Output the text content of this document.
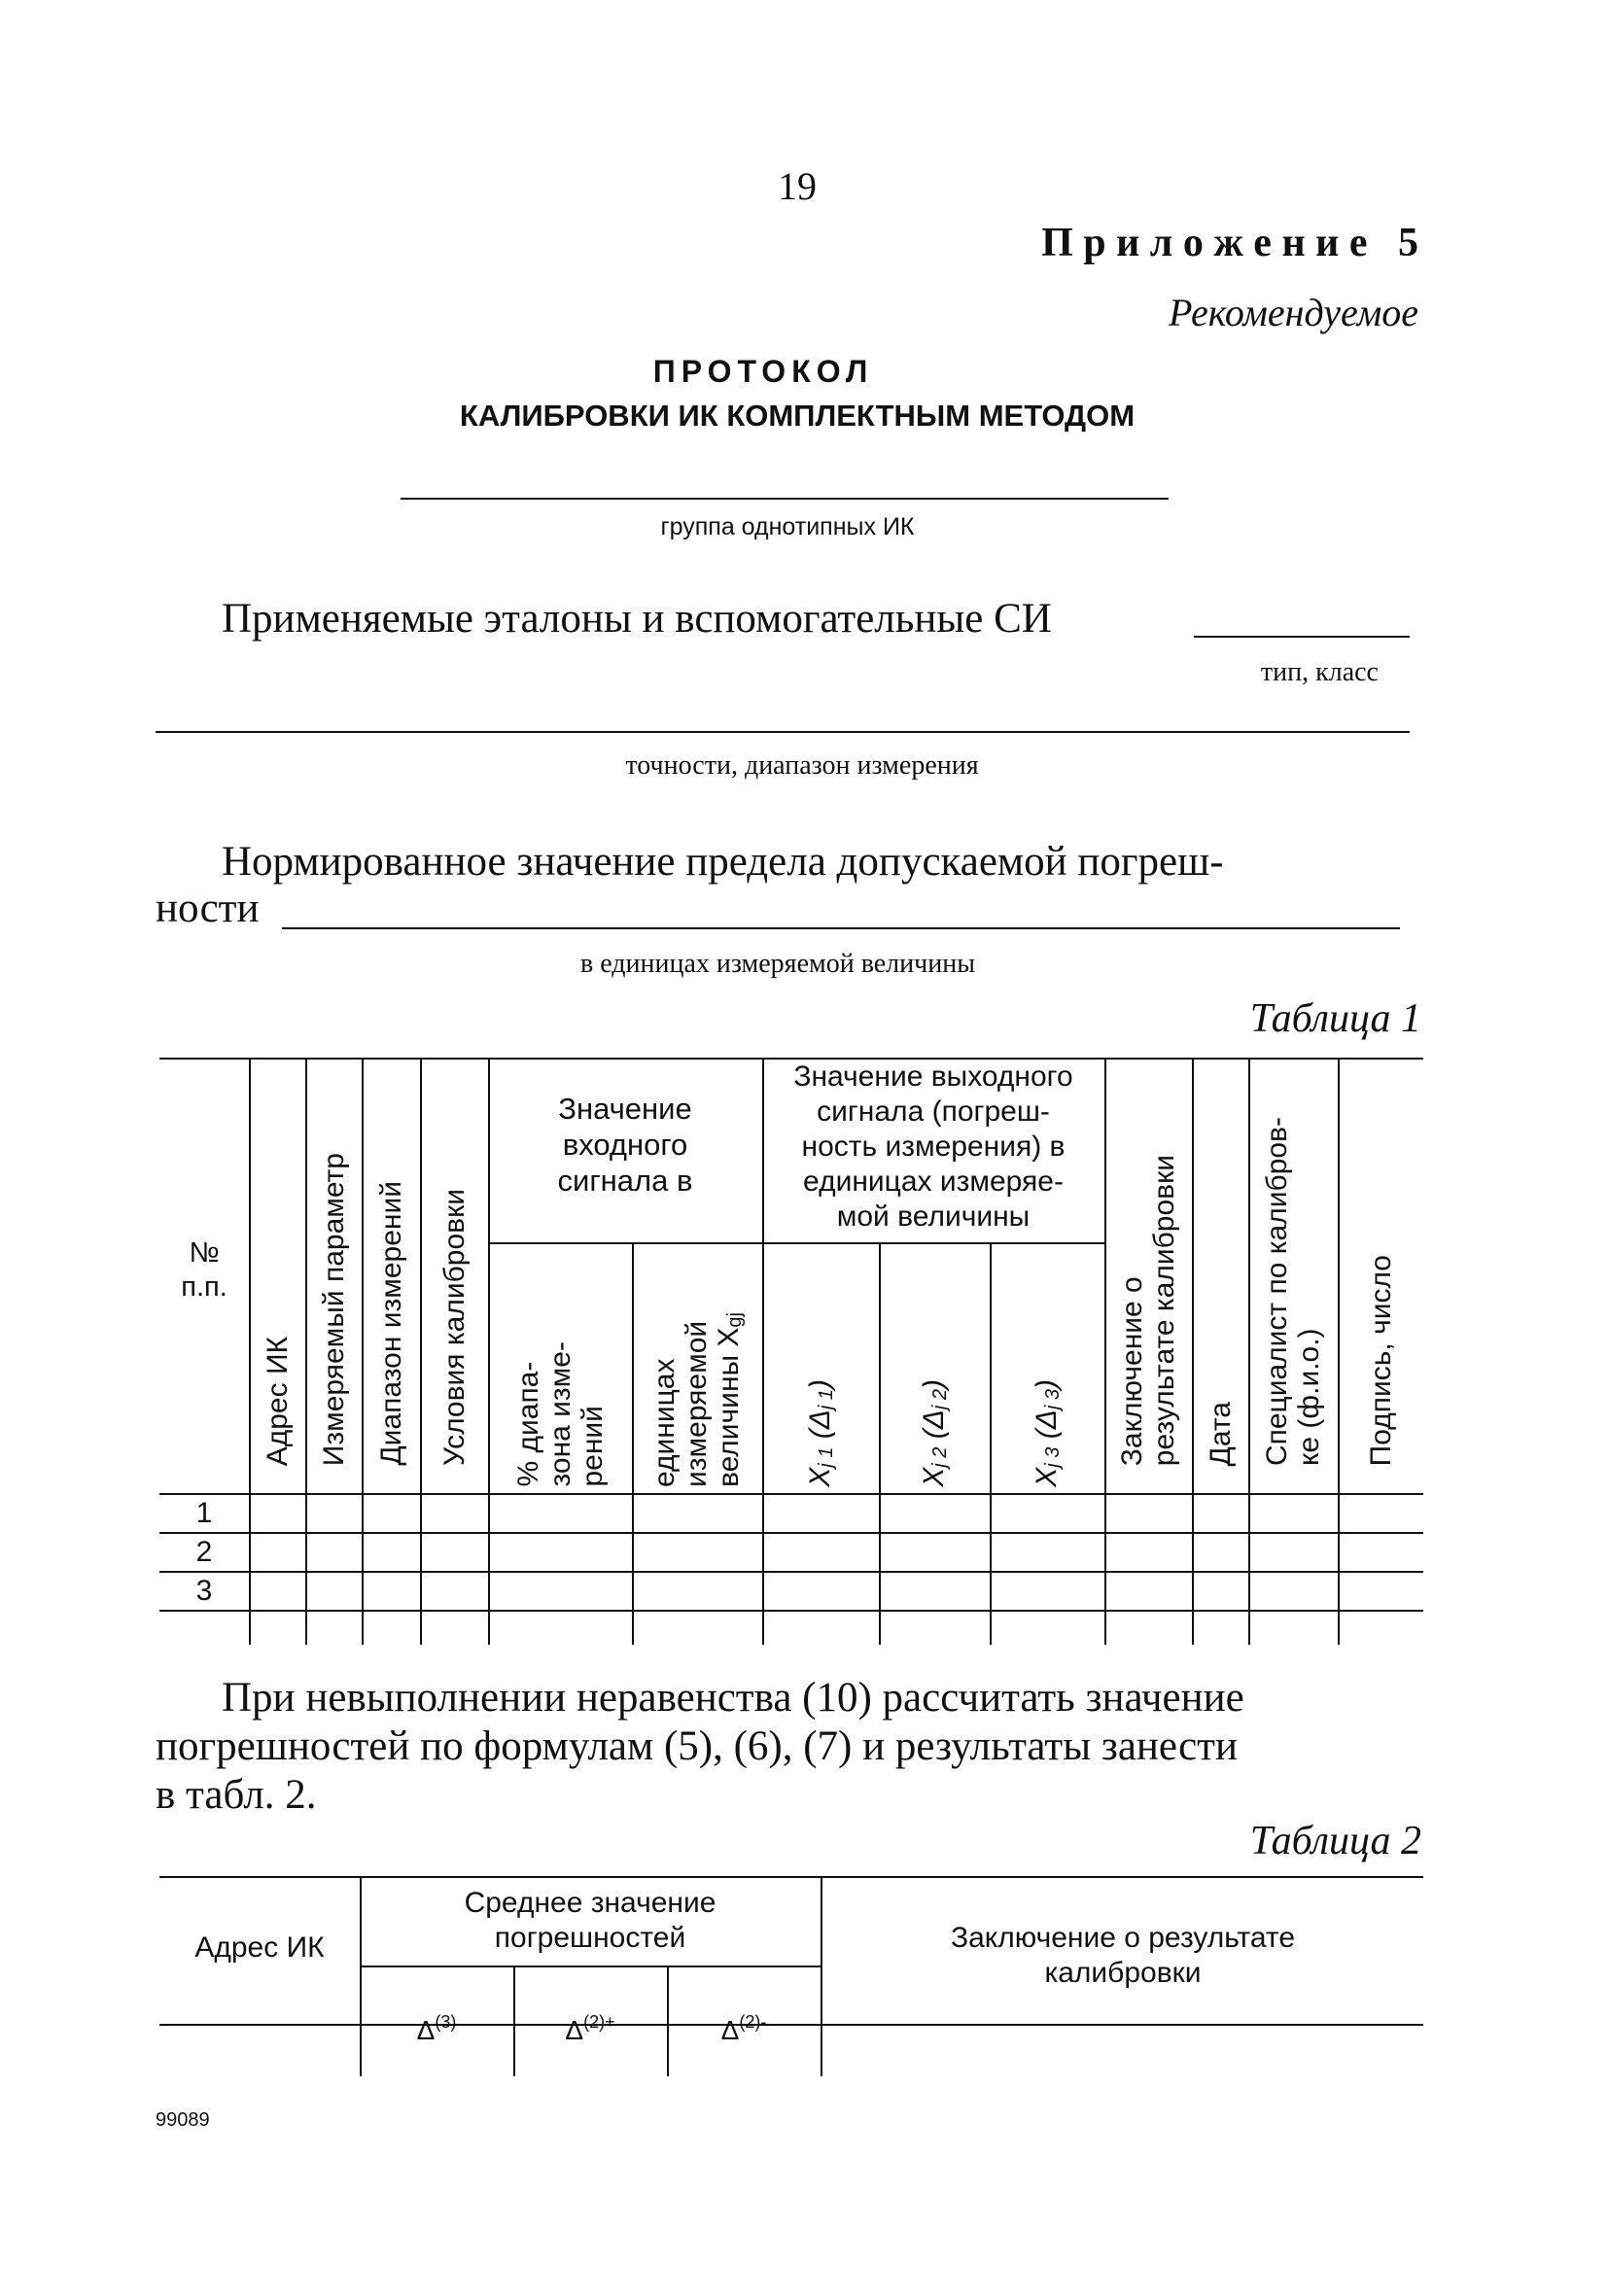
19
П р и л о ж е н и е   5
Рекомендуемое
ПРОТОКОЛ
КАЛИБРОВКИ ИК КОМПЛЕКТНЫМ МЕТОДОМ
группа однотипных ИК
Применяемые эталоны и вспомогательные СИ
тип, класс
точности, диапазон измерения
Нормированное значение предела допускаемой погреш-
ности
в единицах измеряемой величины
Таблица 1
№
п.п.
Адрес ИК Измеряемый параметр Диапазон измерений Условия калибровки
Значение
входного
сигнала в
% диапа-
зона изме-
рений единицах
измеряемой
величины $X_{gj}$
Значение выходного
сигнала (погреш-
ность измерения) в
единицах измеряе-
мой величины
$X_{j 1}$ $(\Delta_{j 1})$
$X_{j 2}$ $(\Delta_{j 2})$
$X_{j 3}$ $(\Delta_{j 3})$ Заключение о
результате калибровки
Дата Специалист по калибров-
ке (ф.и.о.) Подпись, число
1
2
3
При невыполнении неравенства (10) рассчитать значение
погрешностей по формулам (5), (6), (7) и результаты занести
в табл. 2.
Таблица 2
Адрес ИК
Среднее значение
погрешностей

$\Delta^{(3)}$	$\Delta^{(2)+}$	$\Delta^{(2)-}$

Заключение о результате
калибровки
99089
